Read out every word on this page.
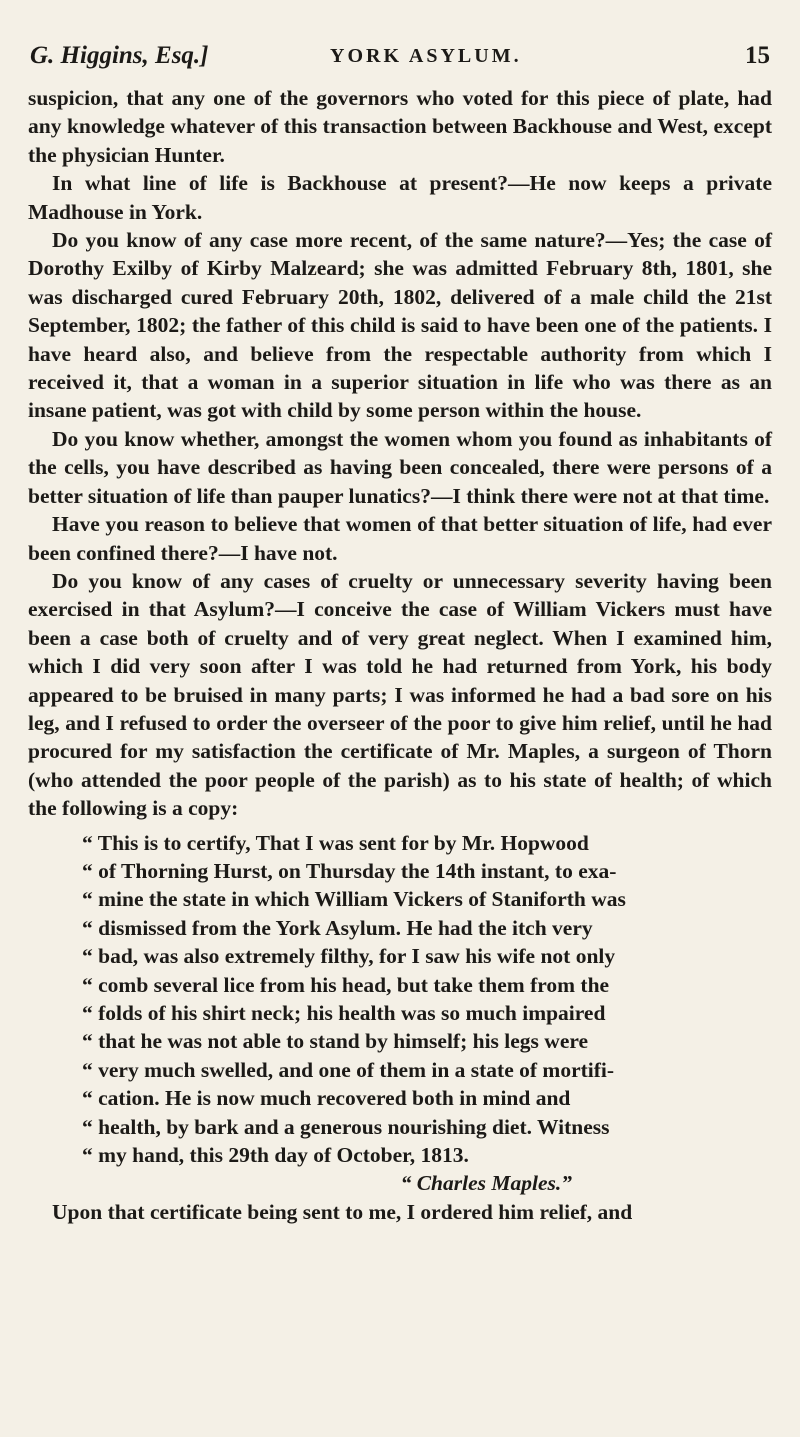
G. Higgins, Esq.]	YORK ASYLUM.	15

suspicion, that any one of the governors who voted for this piece of plate, had any knowledge whatever of this transaction between Backhouse and West, except the physician Hunter.

In what line of life is Backhouse at present?—He now keeps a private Madhouse in York.

Do you know of any case more recent, of the same nature?—Yes; the case of Dorothy Exilby of Kirby Malzeard; she was admitted February 8th, 1801, she was discharged cured February 20th, 1802, delivered of a male child the 21st September, 1802; the father of this child is said to have been one of the patients. I have heard also, and believe from the respectable authority from which I received it, that a woman in a superior situation in life who was there as an insane patient, was got with child by some person within the house.

Do you know whether, amongst the women whom you found as inhabitants of the cells, you have described as having been concealed, there were persons of a better situation of life than pauper lunatics?—I think there were not at that time.

Have you reason to believe that women of that better situation of life, had ever been confined there?—I have not.

Do you know of any cases of cruelty or unnecessary severity having been exercised in that Asylum?—I conceive the case of William Vickers must have been a case both of cruelty and of very great neglect. When I examined him, which I did very soon after I was told he had returned from York, his body appeared to be bruised in many parts; I was informed he had a bad sore on his leg, and I refused to order the overseer of the poor to give him relief, until he had procured for my satisfaction the certificate of Mr. Maples, a surgeon of Thorn (who attended the poor people of the parish) as to his state of health; of which the following is a copy:

“ This is to certify, That I was sent for by Mr. Hopwood

“ of Thorning Hurst, on Thursday the 14th instant, to exa-

“ mine the state in which William Vickers of Staniforth was

“ dismissed from the York Asylum. He had the itch very

“ bad, was also extremely filthy, for I saw his wife not only

“ comb several lice from his head, but take them from the

“ folds of his shirt neck; his health was so much impaired

“ that he was not able to stand by himself; his legs were

“ very much swelled, and one of them in a state of mortifi-

“ cation. He is now much recovered both in mind and

“ health, by bark and a generous nourishing diet. Witness

“ my hand, this 29th day of October, 1813.

“ Charles Maples.”

Upon that certificate being sent to me, I ordered him relief, and
